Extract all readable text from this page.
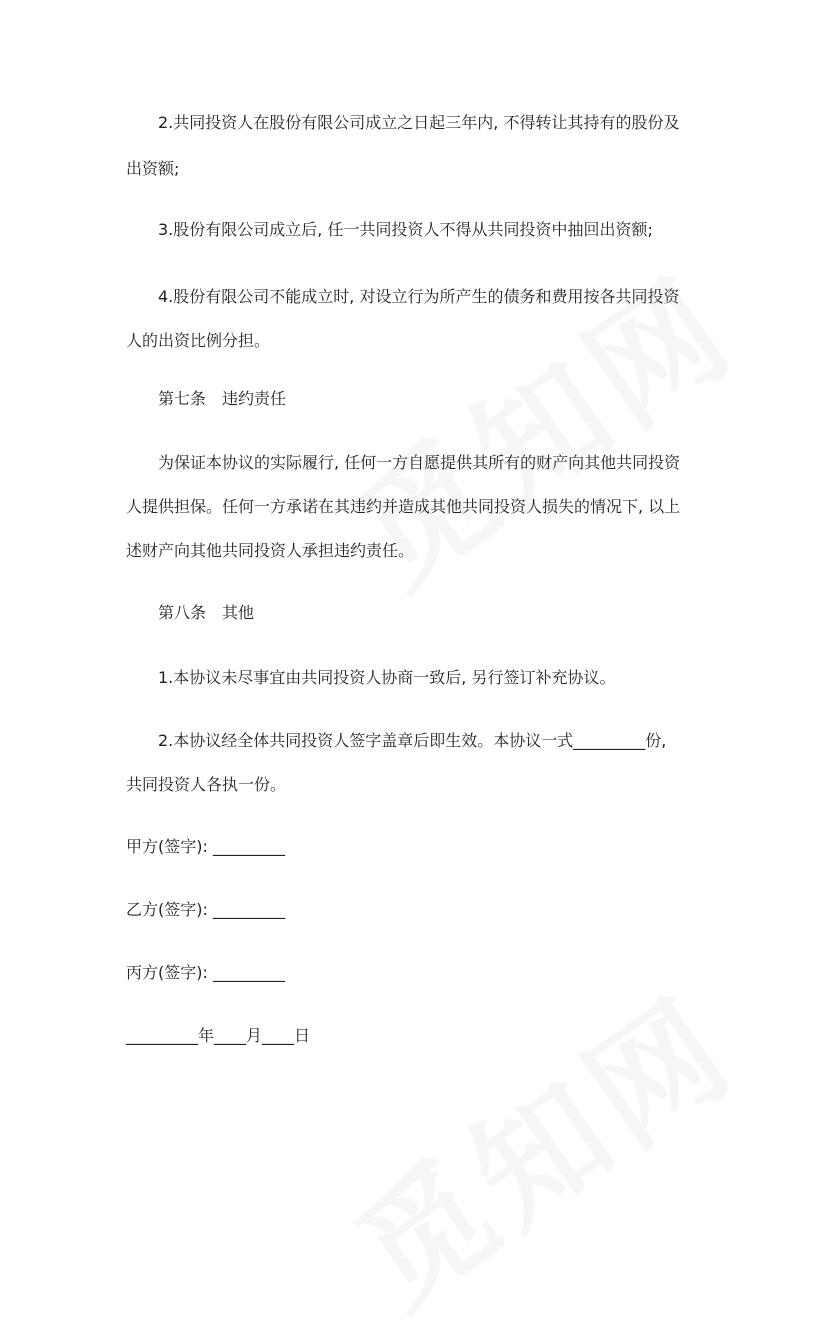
2.共同投资人在股份有限公司成立之日起三年内, 不得转让其持有的股份及

出资额;

3.股份有限公司成立后, 任一共同投资人不得从共同投资中抽回出资额;

4.股份有限公司不能成立时, 对设立行为所产生的债务和费用按各共同投资

人的出资比例分担。

第七条　违约责任

为保证本协议的实际履行, 任何一方自愿提供其所有的财产向其他共同投资

人提供担保。任何一方承诺在其违约并造成其他共同投资人损失的情况下, 以上

述财产向其他共同投资人承担违约责任。

第八条　其他

1.本协议未尽事宜由共同投资人协商一致后, 另行签订补充协议。

2.本协议经全体共同投资人签字盖章后即生效。本协议一式_________份,

共同投资人各执一份。

甲方(签字): _________

乙方(签字): _________

丙方(签字): _________

_________年____月____日
